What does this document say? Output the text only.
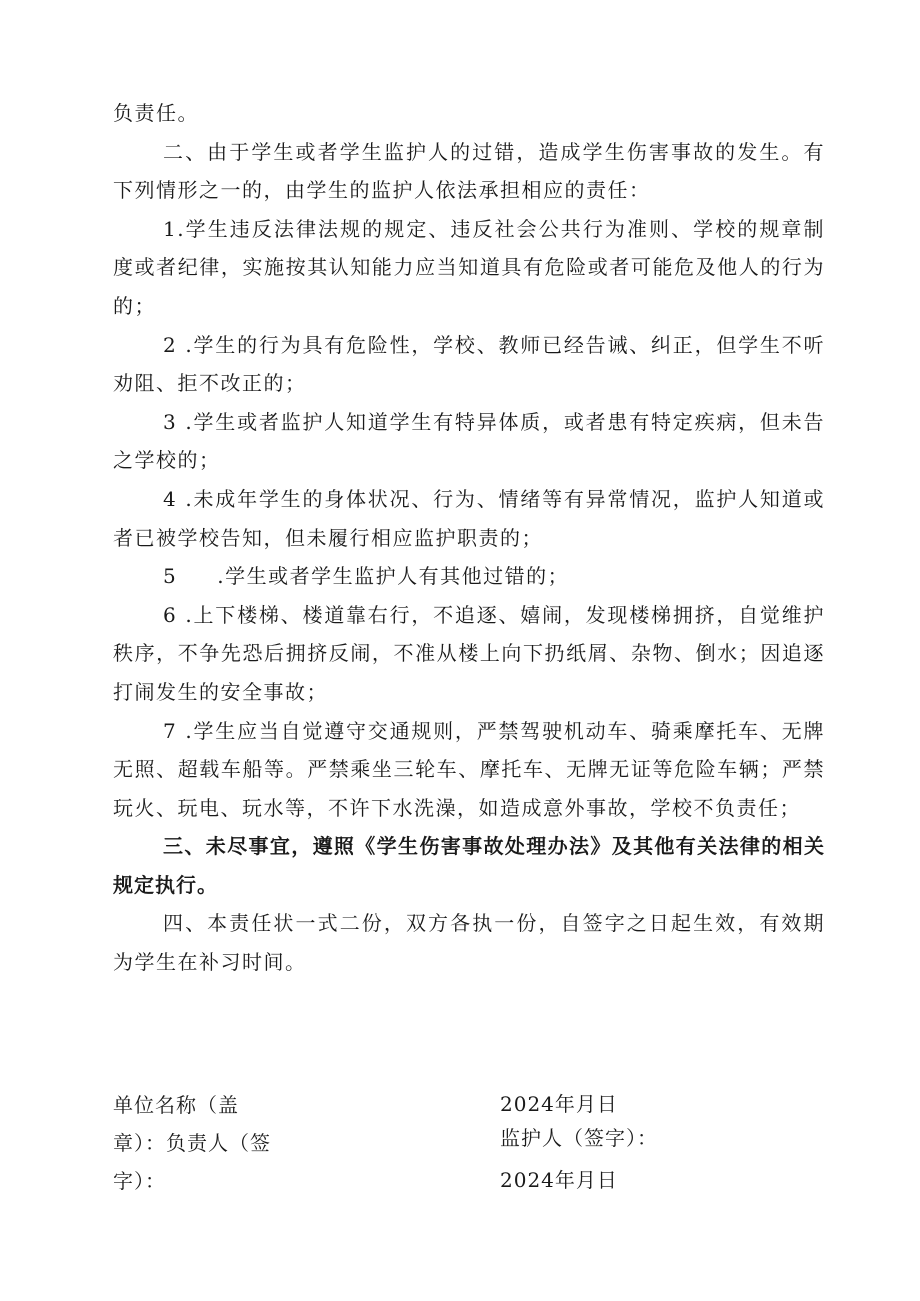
负责任。

二、由于学生或者学生监护人的过错，造成学生伤害事故的发生。有下列情形之一的，由学生的监护人依法承担相应的责任：

1.学生违反法律法规的规定、违反社会公共行为准则、学校的规章制度或者纪律，实施按其认知能力应当知道具有危险或者可能危及他人的行为的；

2 .学生的行为具有危险性，学校、教师已经告诫、纠正，但学生不听劝阻、拒不改正的；

3 .学生或者监护人知道学生有特异体质，或者患有特定疾病，但未告之学校的；

4 .未成年学生的身体状况、行为、情绪等有异常情况，监护人知道或者已被学校告知，但未履行相应监护职责的；

5 .学生或者学生监护人有其他过错的；

6 .上下楼梯、楼道靠右行，不追逐、嬉闹，发现楼梯拥挤，自觉维护秩序，不争先恐后拥挤反闹，不准从楼上向下扔纸屑、杂物、倒水；因追逐打闹发生的安全事故；

7 .学生应当自觉遵守交通规则，严禁驾驶机动车、骑乘摩托车、无牌无照、超载车船等。严禁乘坐三轮车、摩托车、无牌无证等危险车辆；严禁玩火、玩电、玩水等，不许下水洗澡，如造成意外事故，学校不负责任；

三、未尽事宜，遵照《学生伤害事故处理办法》及其他有关法律的相关规定执行。

四、本责任状一式二份，双方各执一份，自签字之日起生效，有效期为学生在补习时间。

单位名称（盖

章）：负责人（签

字）：

2024年月日
监护人（签字）：
2024年月日
